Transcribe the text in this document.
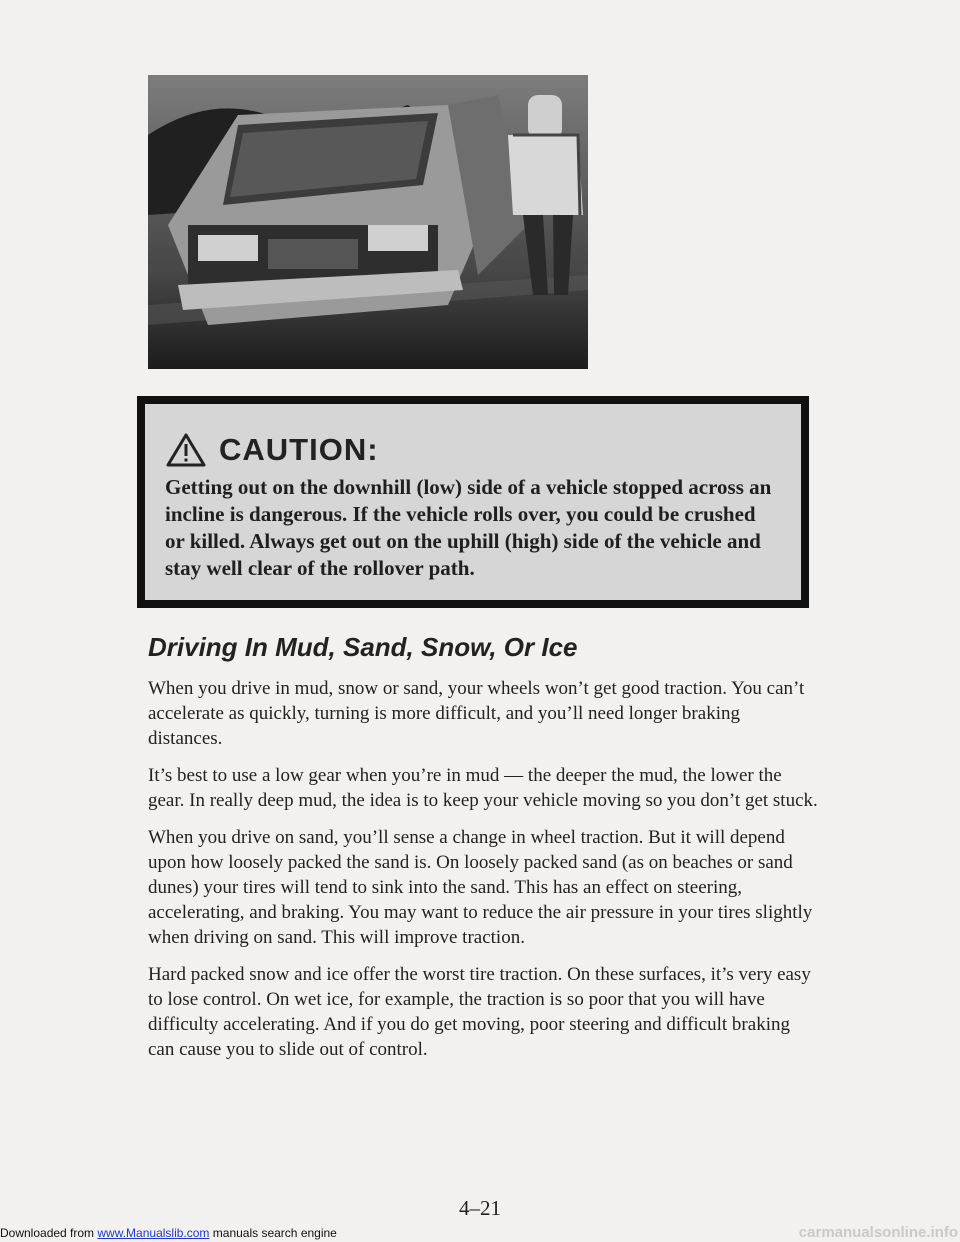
CAUTION:

Getting out on the downhill (low) side of a vehicle stopped across an incline is dangerous. If the vehicle rolls over, you could be crushed or killed. Always get out on the uphill (high) side of the vehicle and stay well clear of the rollover path.

Driving In Mud, Sand, Snow, Or Ice

When you drive in mud, snow or sand, your wheels won’t get good traction. You can’t accelerate as quickly, turning is more difficult, and you’ll need longer braking distances.

It’s best to use a low gear when you’re in mud — the deeper the mud, the lower the gear. In really deep mud, the idea is to keep your vehicle moving so you don’t get stuck.

When you drive on sand, you’ll sense a change in wheel traction. But it will depend upon how loosely packed the sand is. On loosely packed sand (as on beaches or sand dunes) your tires will tend to sink into the sand. This has an effect on steering, accelerating, and braking. You may want to reduce the air pressure in your tires slightly when driving on sand. This will improve traction.

Hard packed snow and ice offer the worst tire traction. On these surfaces, it’s very easy to lose control. On wet ice, for example, the traction is so poor that you will have difficulty accelerating. And if you do get moving, poor steering and difficult braking can cause you to slide out of control.

4–21
Downloaded from www.Manualslib.com manuals search engine	carmanualsonline.info
